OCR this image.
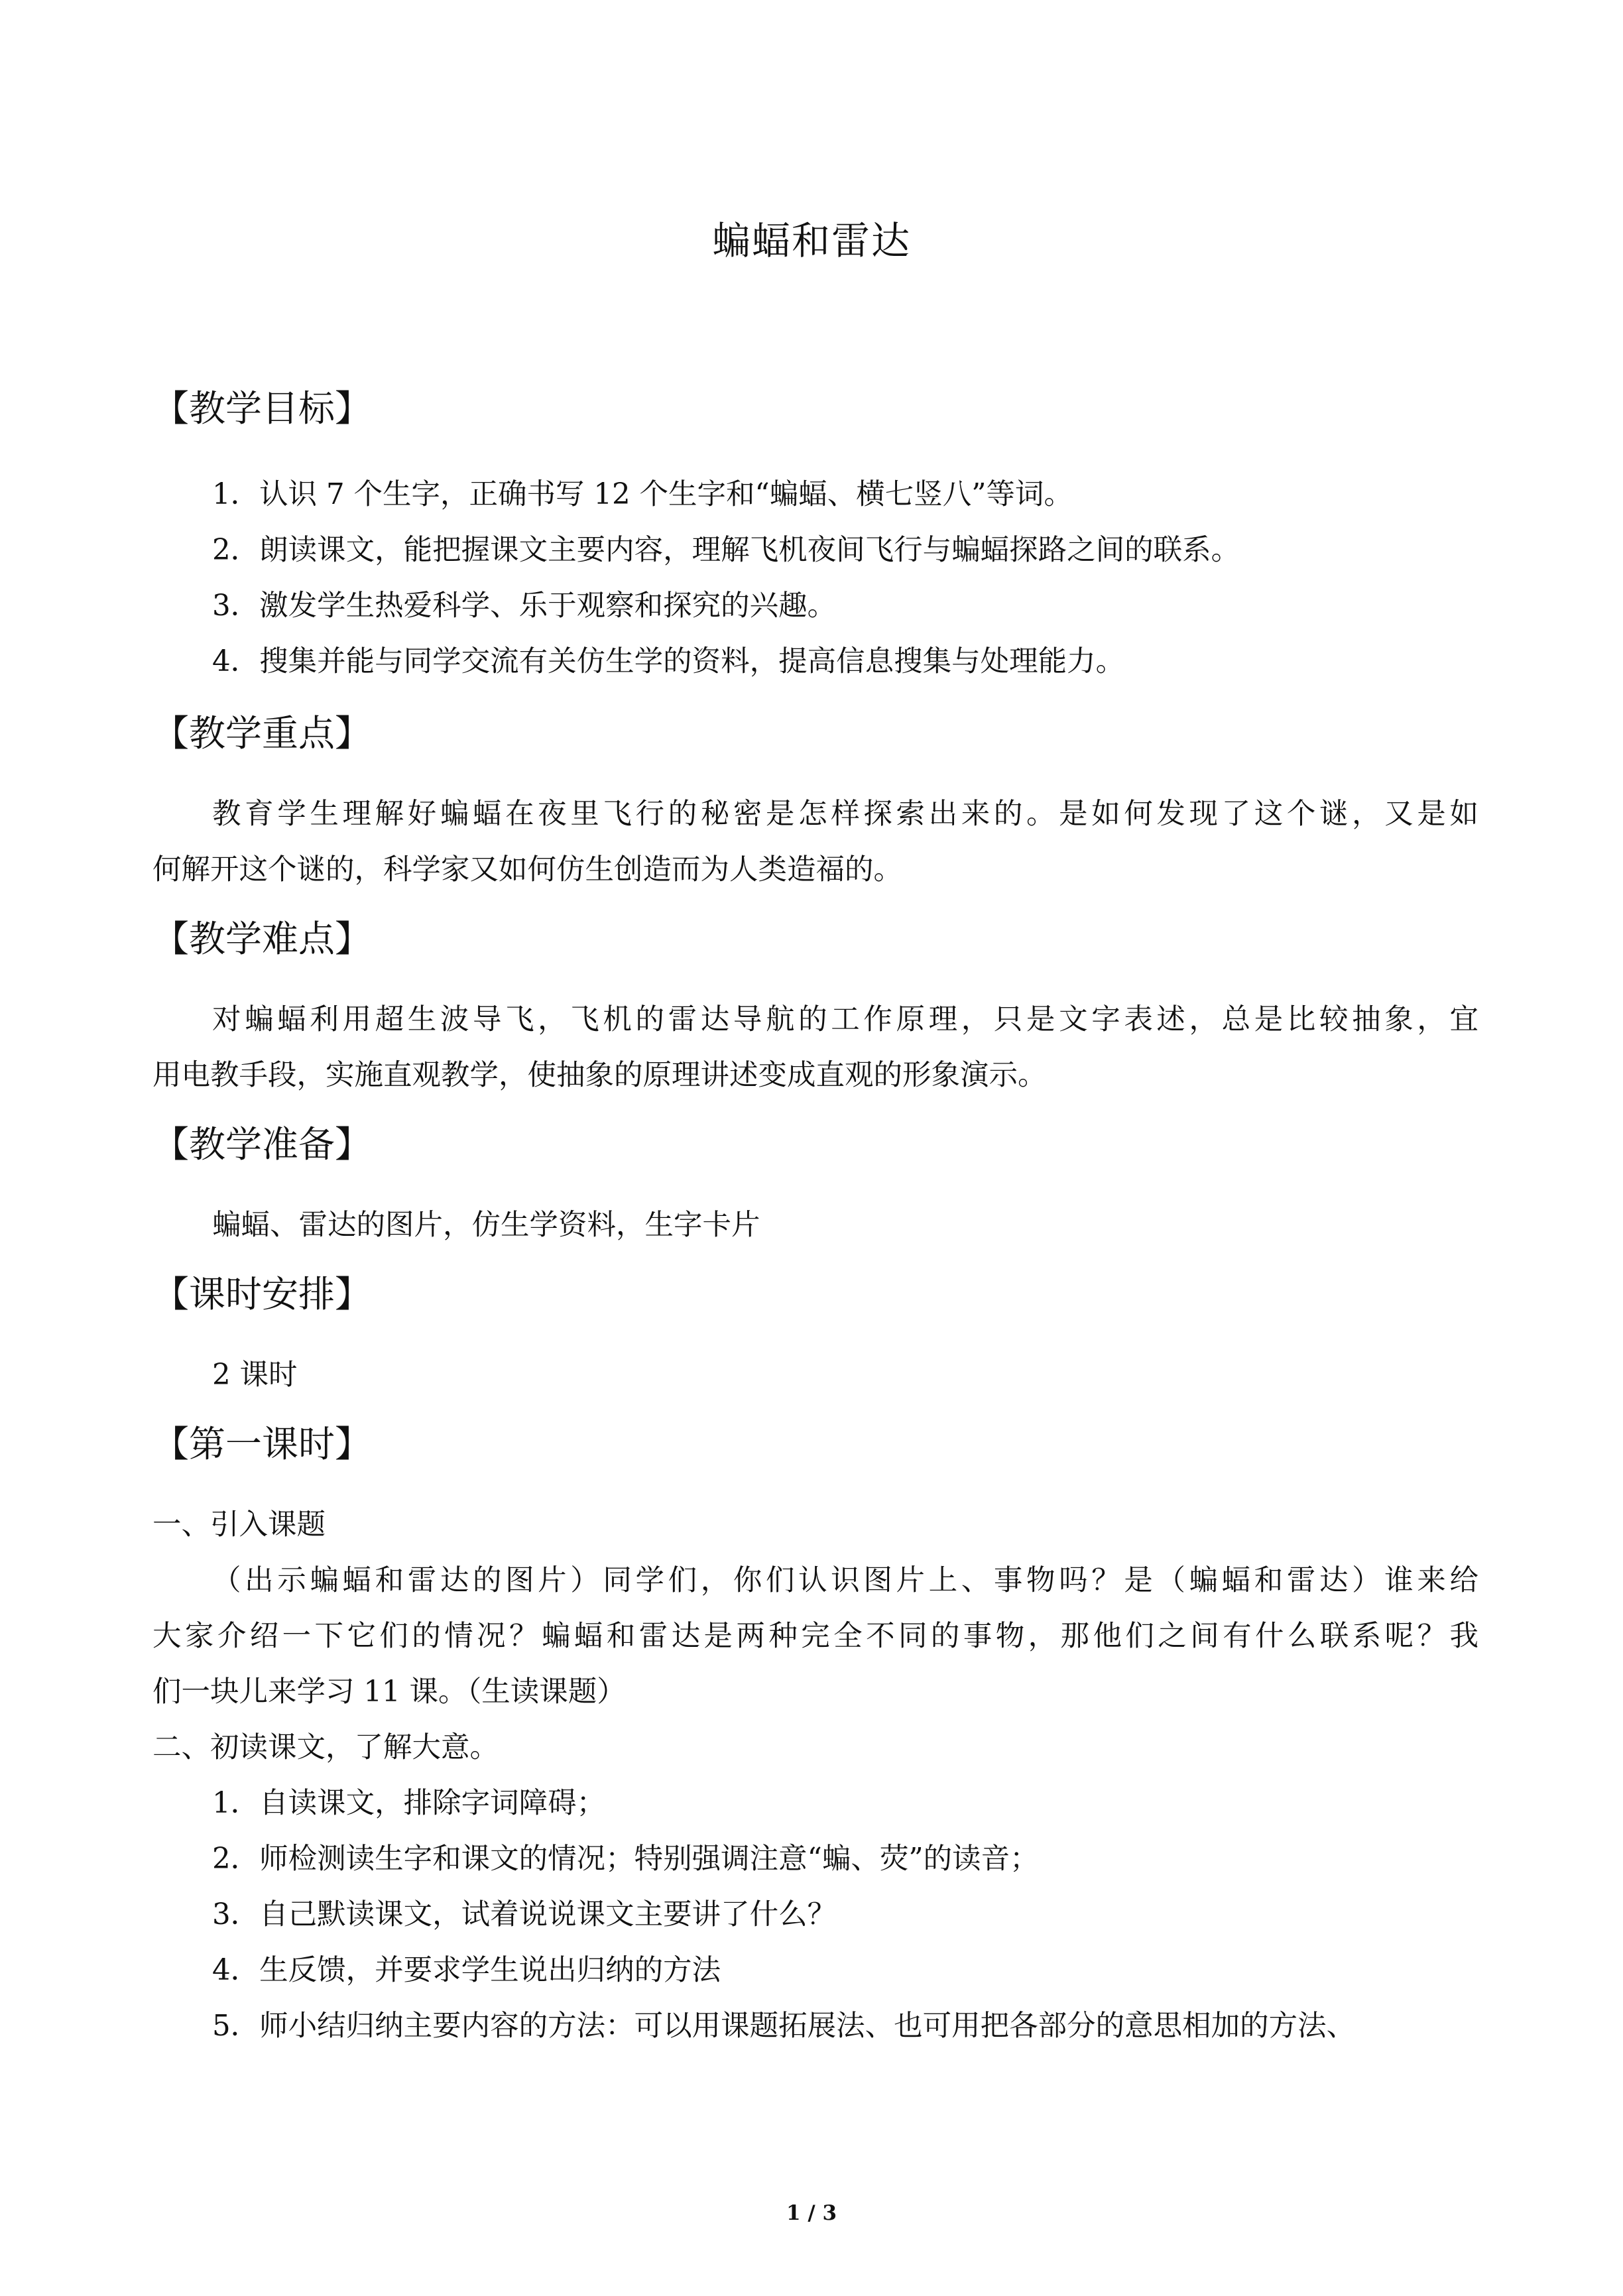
蝙蝠和雷达
【教学目标】
1．认识 7 个生字，正确书写 12 个生字和“蝙蝠、横七竖八”等词。
2．朗读课文，能把握课文主要内容，理解飞机夜间飞行与蝙蝠探路之间的联系。
3．激发学生热爱科学、乐于观察和探究的兴趣。
4．搜集并能与同学交流有关仿生学的资料，提高信息搜集与处理能力。
【教学重点】
教育学生理解好蝙蝠在夜里飞行的秘密是怎样探索出来的。是如何发现了这个谜，又是如
何解开这个谜的，科学家又如何仿生创造而为人类造福的。
【教学难点】
对蝙蝠利用超生波导飞，飞机的雷达导航的工作原理，只是文字表述，总是比较抽象，宜
用电教手段，实施直观教学，使抽象的原理讲述变成直观的形象演示。
【教学准备】
蝙蝠、雷达的图片，仿生学资料，生字卡片
【课时安排】
2 课时
【第一课时】
一、引入课题
（出示蝙蝠和雷达的图片）同学们，你们认识图片上、事物吗？是（蝙蝠和雷达）谁来给
大家介绍一下它们的情况？蝙蝠和雷达是两种完全不同的事物，那他们之间有什么联系呢？我
们一块儿来学习 11 课。（生读课题）
二、初读课文，了解大意。
1．自读课文，排除字词障碍；
2．师检测读生字和课文的情况；特别强调注意“蝙、荧”的读音；
3．自己默读课文，试着说说课文主要讲了什么？
4．生反馈，并要求学生说出归纳的方法
5．师小结归纳主要内容的方法：可以用课题拓展法、也可用把各部分的意思相加的方法、
1 / 3
